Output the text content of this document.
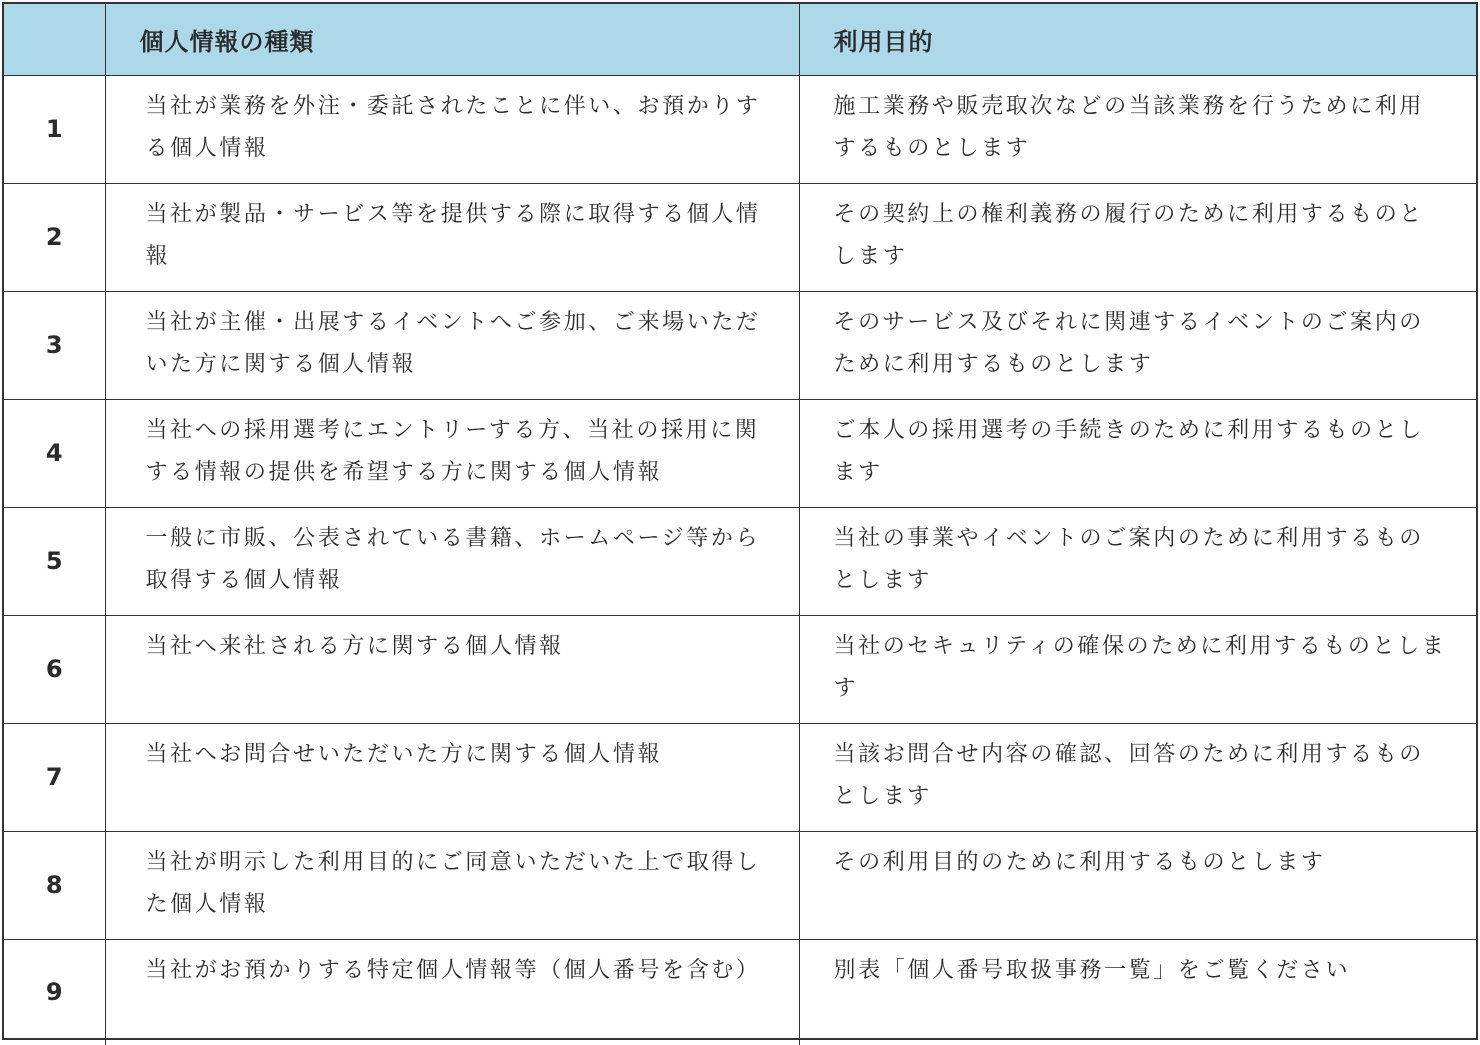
	個人情報の種類	利用目的
1	当社が業務を外注・委託されたことに伴い、お預かりする個人情報	施工業務や販売取次などの当該業務を行うために利用するものとします
2	当社が製品・サービス等を提供する際に取得する個人情報	その契約上の権利義務の履行のために利用するものとします
3	当社が主催・出展するイベントへご参加、ご来場いただいた方に関する個人情報	そのサービス及びそれに関連するイベントのご案内のために利用するものとします
4	当社への採用選考にエントリーする方、当社の採用に関する情報の提供を希望する方に関する個人情報	ご本人の採用選考の手続きのために利用するものとします
5	一般に市販、公表されている書籍、ホームページ等から取得する個人情報	当社の事業やイベントのご案内のために利用するものとします
6	当社へ来社される方に関する個人情報	当社のセキュリティの確保のために利用するものとします
7	当社へお問合せいただいた方に関する個人情報	当該お問合せ内容の確認、回答のために利用するものとします
8	当社が明示した利用目的にご同意いただいた上で取得した個人情報	その利用目的のために利用するものとします
9	当社がお預かりする特定個人情報等（個人番号を含む）	別表「個人番号取扱事務一覧」をご覧ください
